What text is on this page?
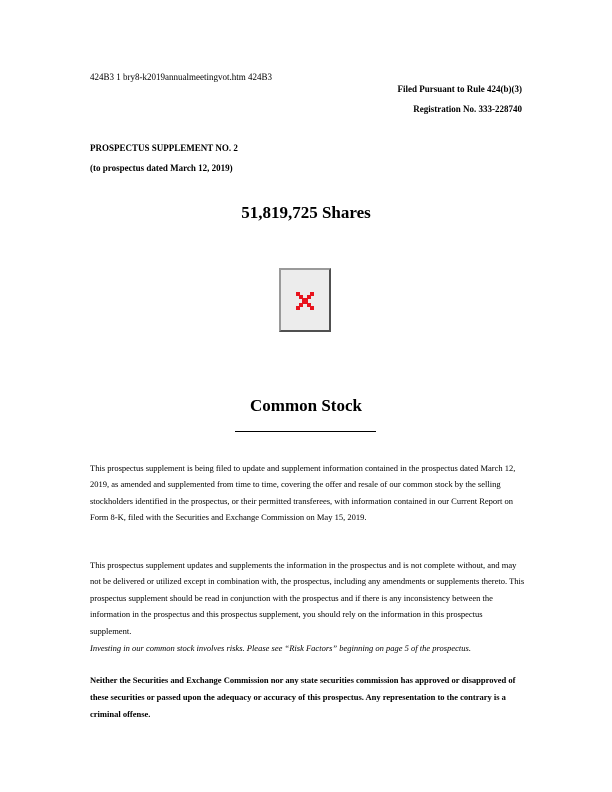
424B3 1 bry8-k2019annualmeetingvot.htm 424B3
Filed Pursuant to Rule 424(b)(3)
Registration No. 333-228740
PROSPECTUS SUPPLEMENT NO. 2
(to prospectus dated March 12, 2019)
51,819,725 Shares
Common Stock
This prospectus supplement is being filed to update and supplement information contained in the prospectus dated March 12, 2019, as amended and supplemented from time to time, covering the offer and resale of our common stock by the selling stockholders identified in the prospectus, or their permitted transferees, with information contained in our Current Report on Form 8-K, filed with the Securities and Exchange Commission on May 15, 2019.
This prospectus supplement updates and supplements the information in the prospectus and is not complete without, and may not be delivered or utilized except in combination with, the prospectus, including any amendments or supplements thereto. This prospectus supplement should be read in conjunction with the prospectus and if there is any inconsistency between the information in the prospectus and this prospectus supplement, you should rely on the information in this prospectus supplement.
Investing in our common stock involves risks. Please see “Risk Factors” beginning on page 5 of the prospectus.
Neither the Securities and Exchange Commission nor any state securities commission has approved or disapproved of these securities or passed upon the adequacy or accuracy of this prospectus. Any representation to the contrary is a criminal offense.
